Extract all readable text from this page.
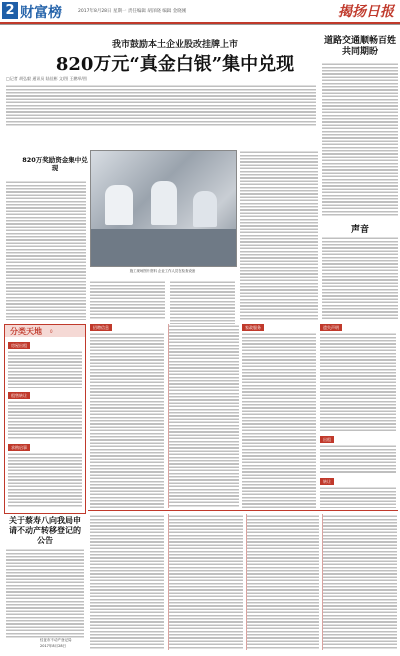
2 财富榜	2017年8月28日 星期一 责任编辑 胡泽晓 编辑 金晓刚	揭扬日报
我市鼓励本土企业股改挂牌上市
820万元“真金白银”集中兑现
□记者 胡弘毅 通讯员 陆佳彬 文/图 王鹏举/图
820万奖励资金集中兑现
施工现场图片资料 企业工作人员在检查设备
道路交通顺畅百姓共同期盼
声音
分类天地 0
房屋出租
租售转让
求购启事
招聘信息	家政服务	遗失声明
出租
转让
关于蔡寿八向我局申请不动产转移登记的公告
仪征市不动产登记局
2017年8月28日
